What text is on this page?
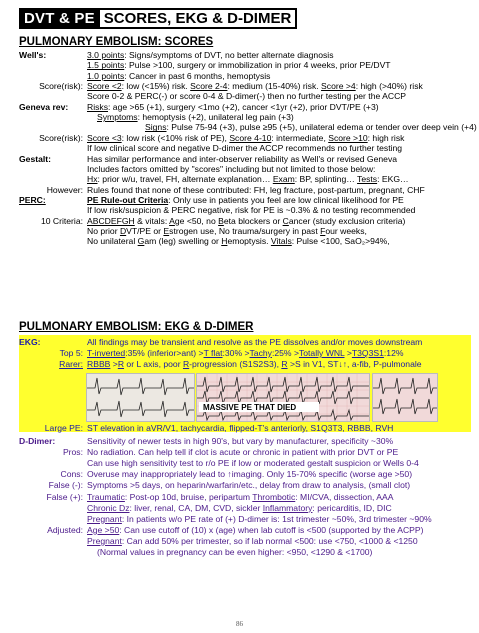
DVT & PE SCORES, EKG & D-DIMER
PULMONARY EMBOLISM: SCORES
Well's:	3.0 points: Signs/symptoms of DVT, no better alternate diagnosis
1.5 points: Pulse >100, surgery or immobilization in prior 4 weeks, prior PE/DVT
1.0 points: Cancer in past 6 months, hemoptysis
Score(risk): Score <2: low (<15%) risk. Score 2-4: medium (15-40%) risk. Score >4: high (>40%) risk
Score 0-2 & PERC(-) or score 0-4 & D-dimer(-) then no further testing per the ACCP
Geneva rev: Risks: age >65 (+1), surgery <1mo (+2), cancer <1yr (+2), prior DVT/PE (+3)
Symptoms: hemoptysis (+2), unilateral leg pain (+3)
Signs: Pulse 75-94 (+3), pulse ≥95 (+5), unilateral edema or tender over deep vein (+4)
Score(risk): Score <3: low risk (<10% risk of PE), Score 4-10: intermediate, Score >10: high risk
If low clinical score and negative D-dimer the ACCP recommends no further testing
Gestalt:	Has similar performance and inter-observer reliability as Well's or revised Geneva
Includes factors omitted by "scores" including but not limited to those below:
Hx: prior w/u, travel, FH, alternate explanation… Exam: BP, splinting… Tests: EKG…
However: Rules found that none of these contributed: FH, leg fracture, post-partum, pregnant, CHF
PERC:	PE Rule-out Criteria: Only use in patients you feel are low clinical likelihood for PE
If low risk/suspicion & PERC negative, risk for PE is ~0.3% & no testing recommended
10 Criteria: ABCDEFGH & vitals: Age <50, no Beta blockers or Cancer (study exclusion criteria)
No prior DVT/PE or Estrogen use, No trauma/surgery in past Four weeks,
No unilateral Gam (leg) swelling or Hemoptysis. Vitals: Pulse <100, SaO₂>94%,
PULMONARY EMBOLISM: EKG & D-DIMER
EKG:	All findings may be transient and resolve as the PE dissolves and/or moves downstream
Top 5: T-inverted:35% (inferior>ant) >T flat:30% >Tachy:25% >Totally WNL >T3Q3S1:12%
Rarer: RBBB >R or L axis, poor R-progression (S1S2S3), R >S in V1, ST↓↑, a-fib, P-pulmonale
MASSIVE PE THAT DIED
Large PE: ST elevation in aVR/V1, tachycardia, flipped-T's anteriorly, S1Q3T3, RBBB, RVH
D-Dimer:	Sensitivity of newer tests in high 90's, but vary by manufacturer, specificity ~30%
Pros: No radiation. Can help tell if clot is acute or chronic in patient with prior DVT or PE
Can use high sensitivity test to r/o PE if low or moderated gestalt suspicion or Wells 0-4
Cons: Overuse may inappropriately lead to ↑imaging. Only 15-70% specific (worse age >50)
False (-): Symptoms >5 days, on heparin/warfarin/etc., delay from draw to analysis, (small clot)
False (+): Traumatic: Post-op 10d, bruise, peripartum Thrombotic: MI/CVA, dissection, AAA
Chronic Dz: liver, renal, CA, DM, CVD, sickler Inflammatory: pericarditis, ID, DIC
Pregnant: In patients w/o PE rate of (+) D-dimer is: 1st trimester ~50%, 3rd trimester ~90%
Adjusted: Age >50: Can use cutoff of (10) x (age) when lab cutoff is <500 (supported by the ACPP)
Pregnant: Can add 50% per trimester, so if lab normal <500: use <750, <1000 & <1250
(Normal values in pregnancy can be even higher: <950, <1290 & <1700)
86
